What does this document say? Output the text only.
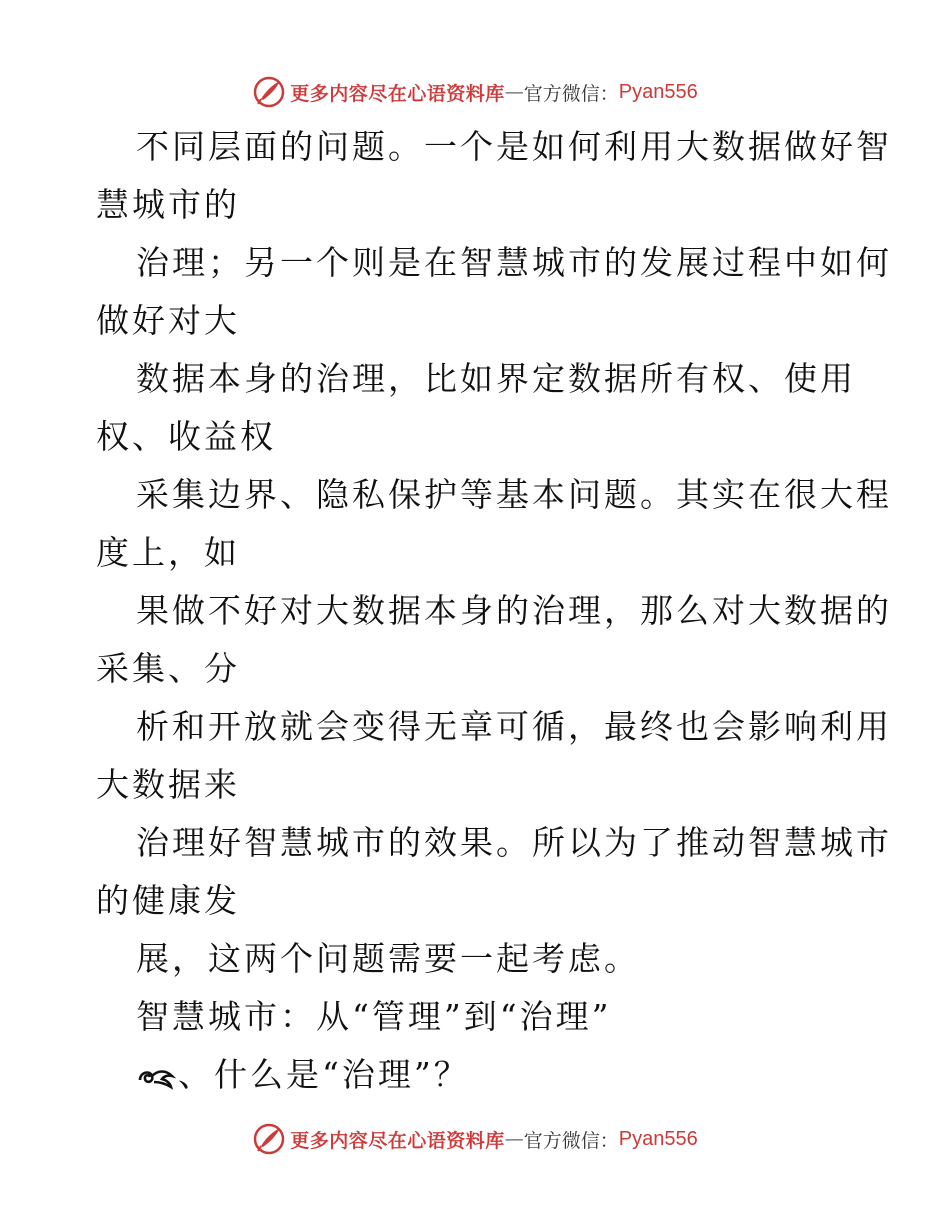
更多内容尽在心语资料库 — 官方微信： Pyan556
不同层面的问题。一个是如何利用大数据做好智
慧城市的
治理；另一个则是在智慧城市的发展过程中如何
做好对大
数据本身的治理，比如界定数据所有权、使用
权、收益权
采集边界、隐私保护等基本问题。其实在很大程
度上，如
果做不好对大数据本身的治理，那么对大数据的
采集、分
析和开放就会变得无章可循，最终也会影响利用
大数据来
治理好智慧城市的效果。所以为了推动智慧城市
的健康发
展，这两个问题需要一起考虑。
智慧城市：从“管理”到“治理”
、什么是“治理”？
更多内容尽在心语资料库 — 官方微信： Pyan556
